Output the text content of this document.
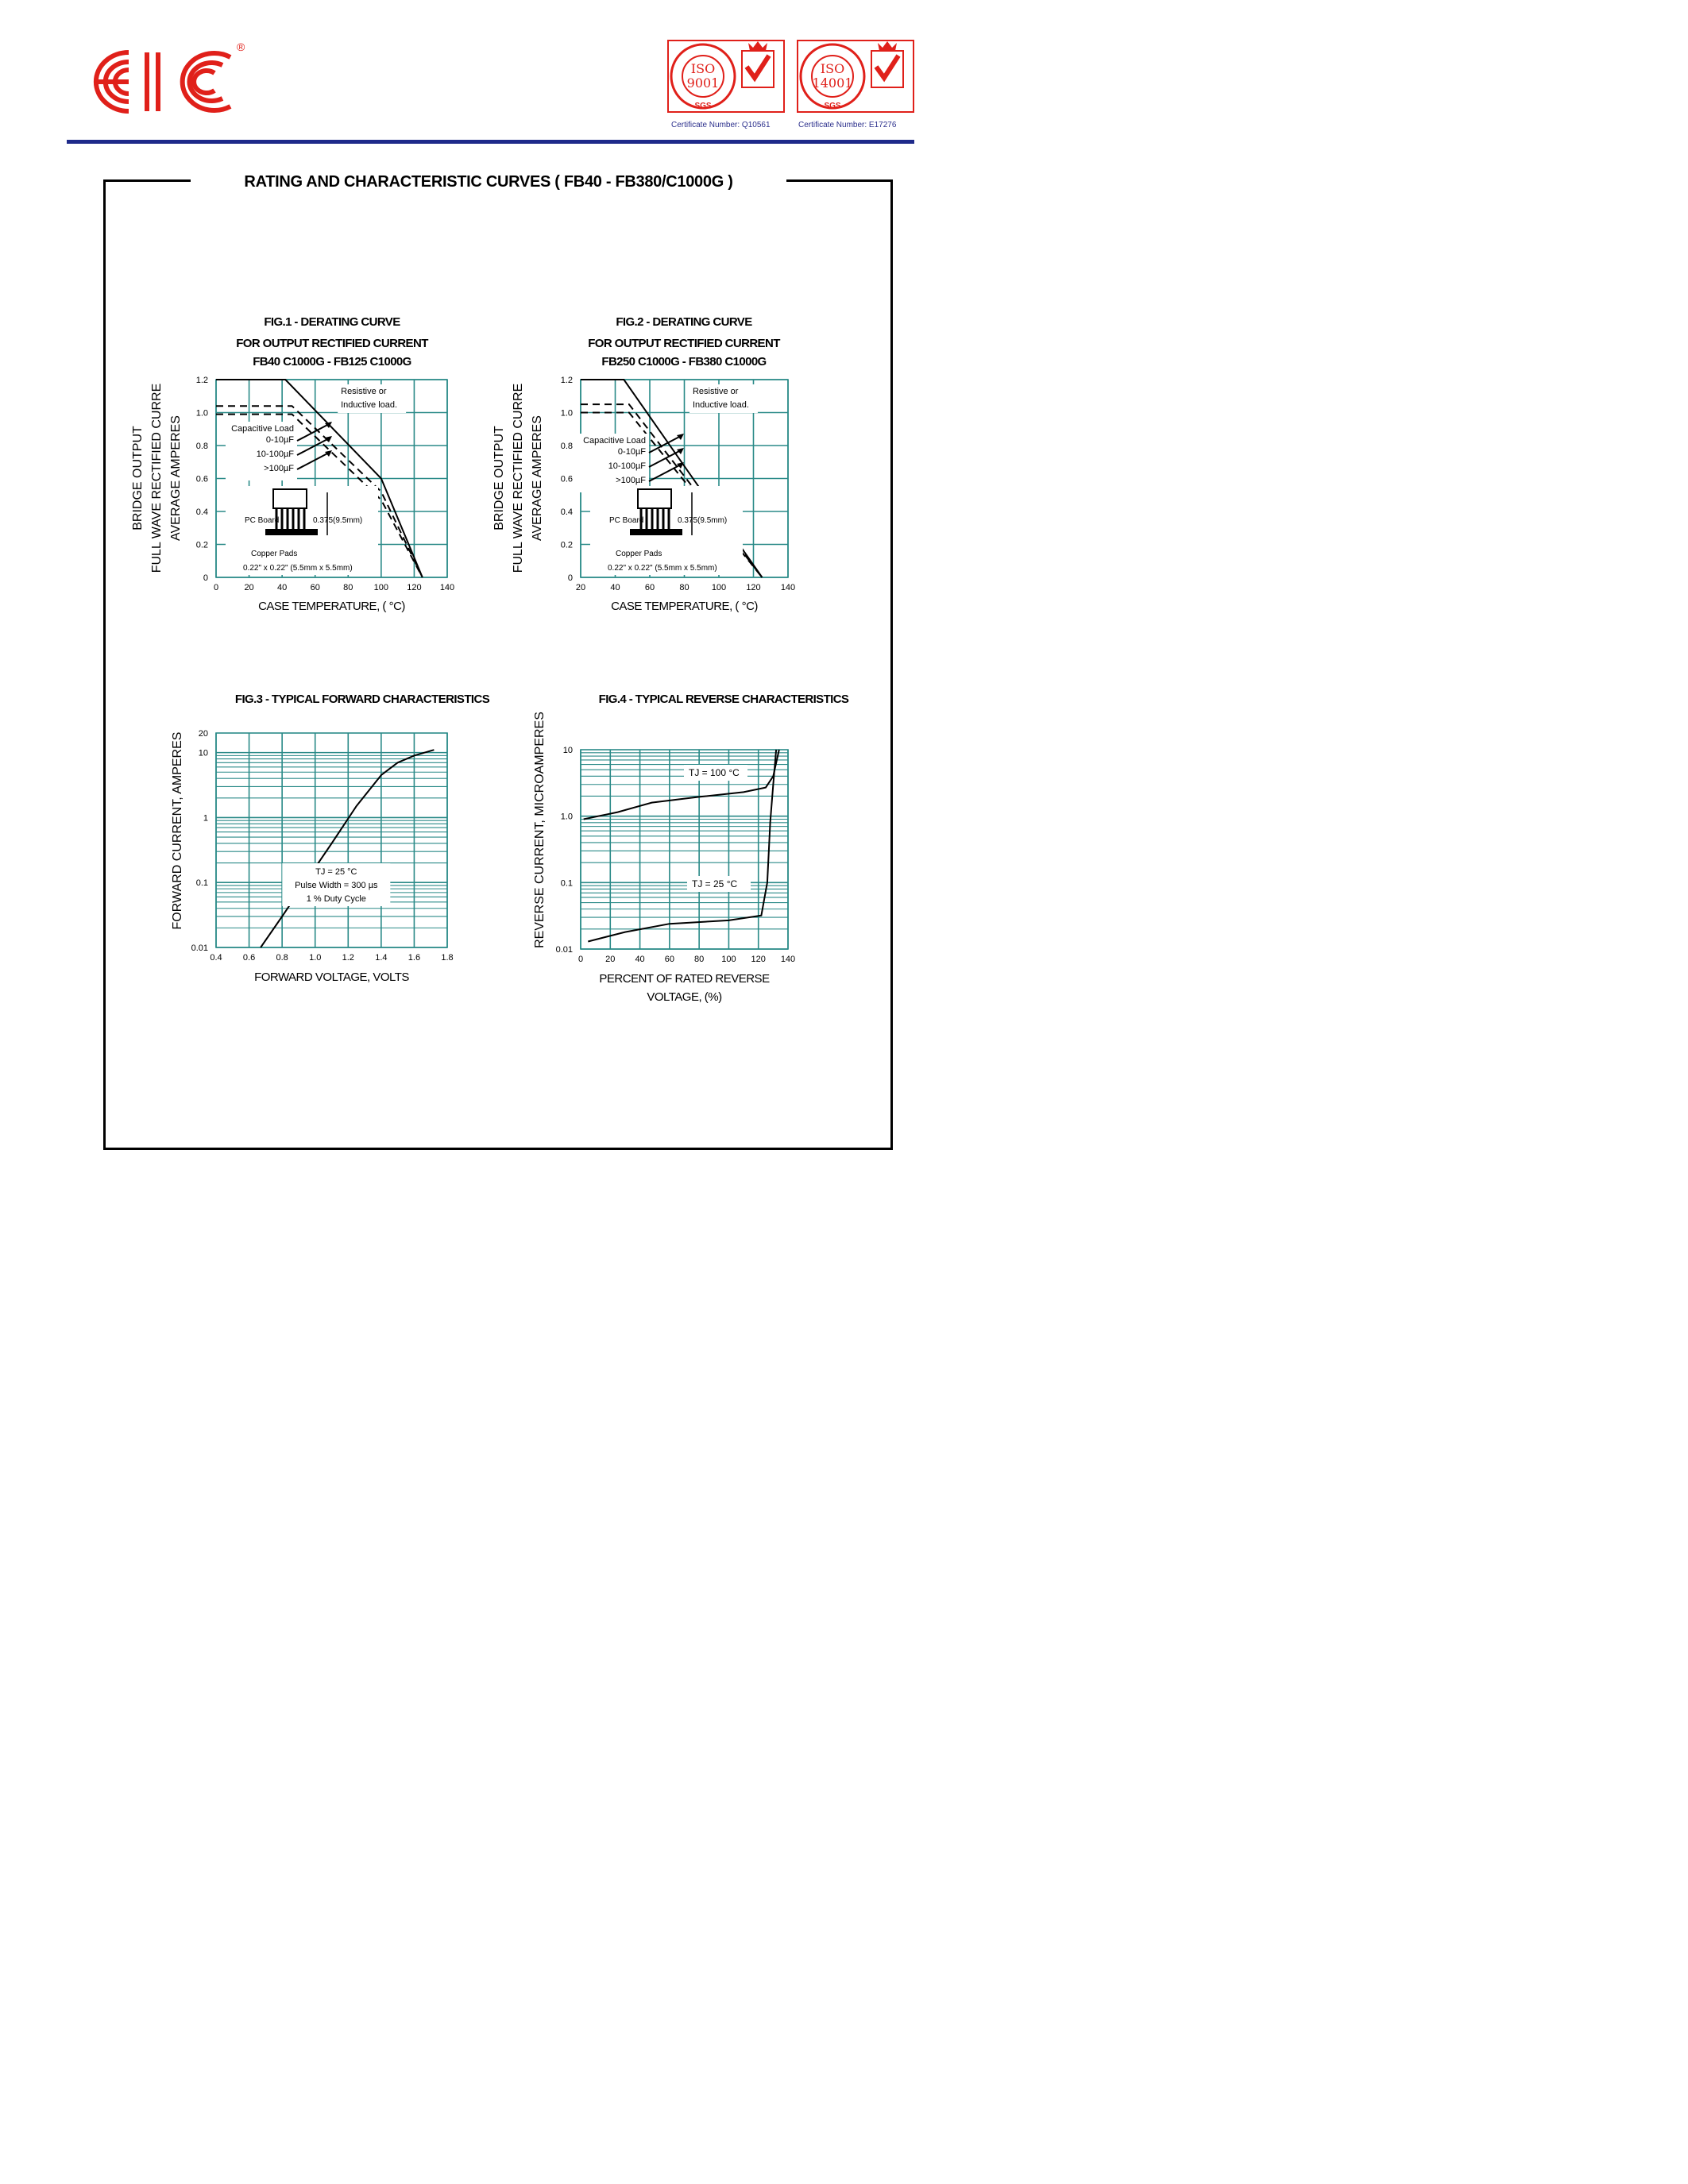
®
ISO
9001
SGS
Certificate Number: Q10561
ISO
14001
SGS
Certificate Number: E17276
RATING AND CHARACTERISTIC CURVES ( FB40 - FB380/C1000G )
FIG.1 - DERATING CURVE
FOR OUTPUT RECTIFIED CURRENT
FB40 C1000G - FB125 C1000G
0	20	40	60	80 100 120 140
0
0.2
0.4
0.6
0.8
1.0
1.2
CASE TEMPERATURE, ( °C)
BRIDGE OUTPUT FULL WAVE RECTIFIED CURRE AVERAGE AMPERES
Resistive or
Inductive load.
Capacitive Load
0-10µF
10-100µF
>100µF
PC Board	0.375(9.5mm)
Copper Pads
0.22" x 0.22" (5.5mm x 5.5mm)
FIG.2 - DERATING CURVE
FOR OUTPUT RECTIFIED CURRENT
FB250 C1000G - FB380 C1000G
20	40	60	80	100 120 140
0
0.2
0.4
0.6
0.8
1.0
1.2
CASE TEMPERATURE, ( °C)
BRIDGE OUTPUT FULL WAVE RECTIFIED CURRE AVERAGE AMPERES
Resistive or
Inductive load.
Capacitive Load
0-10µF
10-100µF
>100µF
PC Board	0.375(9.5mm)
Copper Pads
0.22" x 0.22" (5.5mm x 5.5mm)
FIG.3 - TYPICAL FORWARD CHARACTERISTICS
0.4 0.6 0.8 1.0 1.2 1.4 1.6 1.8
0.01
0.1
1
10
20
FORWARD VOLTAGE, VOLTS
FORWARD CURRENT, AMPERES	TJ = 25 °C
Pulse Width = 300 µs
1 % Duty Cycle
FIG.4 - TYPICAL REVERSE CHARACTERISTICS
0	20 40 60 80 100 120 140
0.01
0.1
1.0
10
PERCENT OF RATED REVERSE
VOLTAGE, (%)
REVERSE CURRENT, MICROAMPERES	TJ = 100 °C
TJ = 25 °C
